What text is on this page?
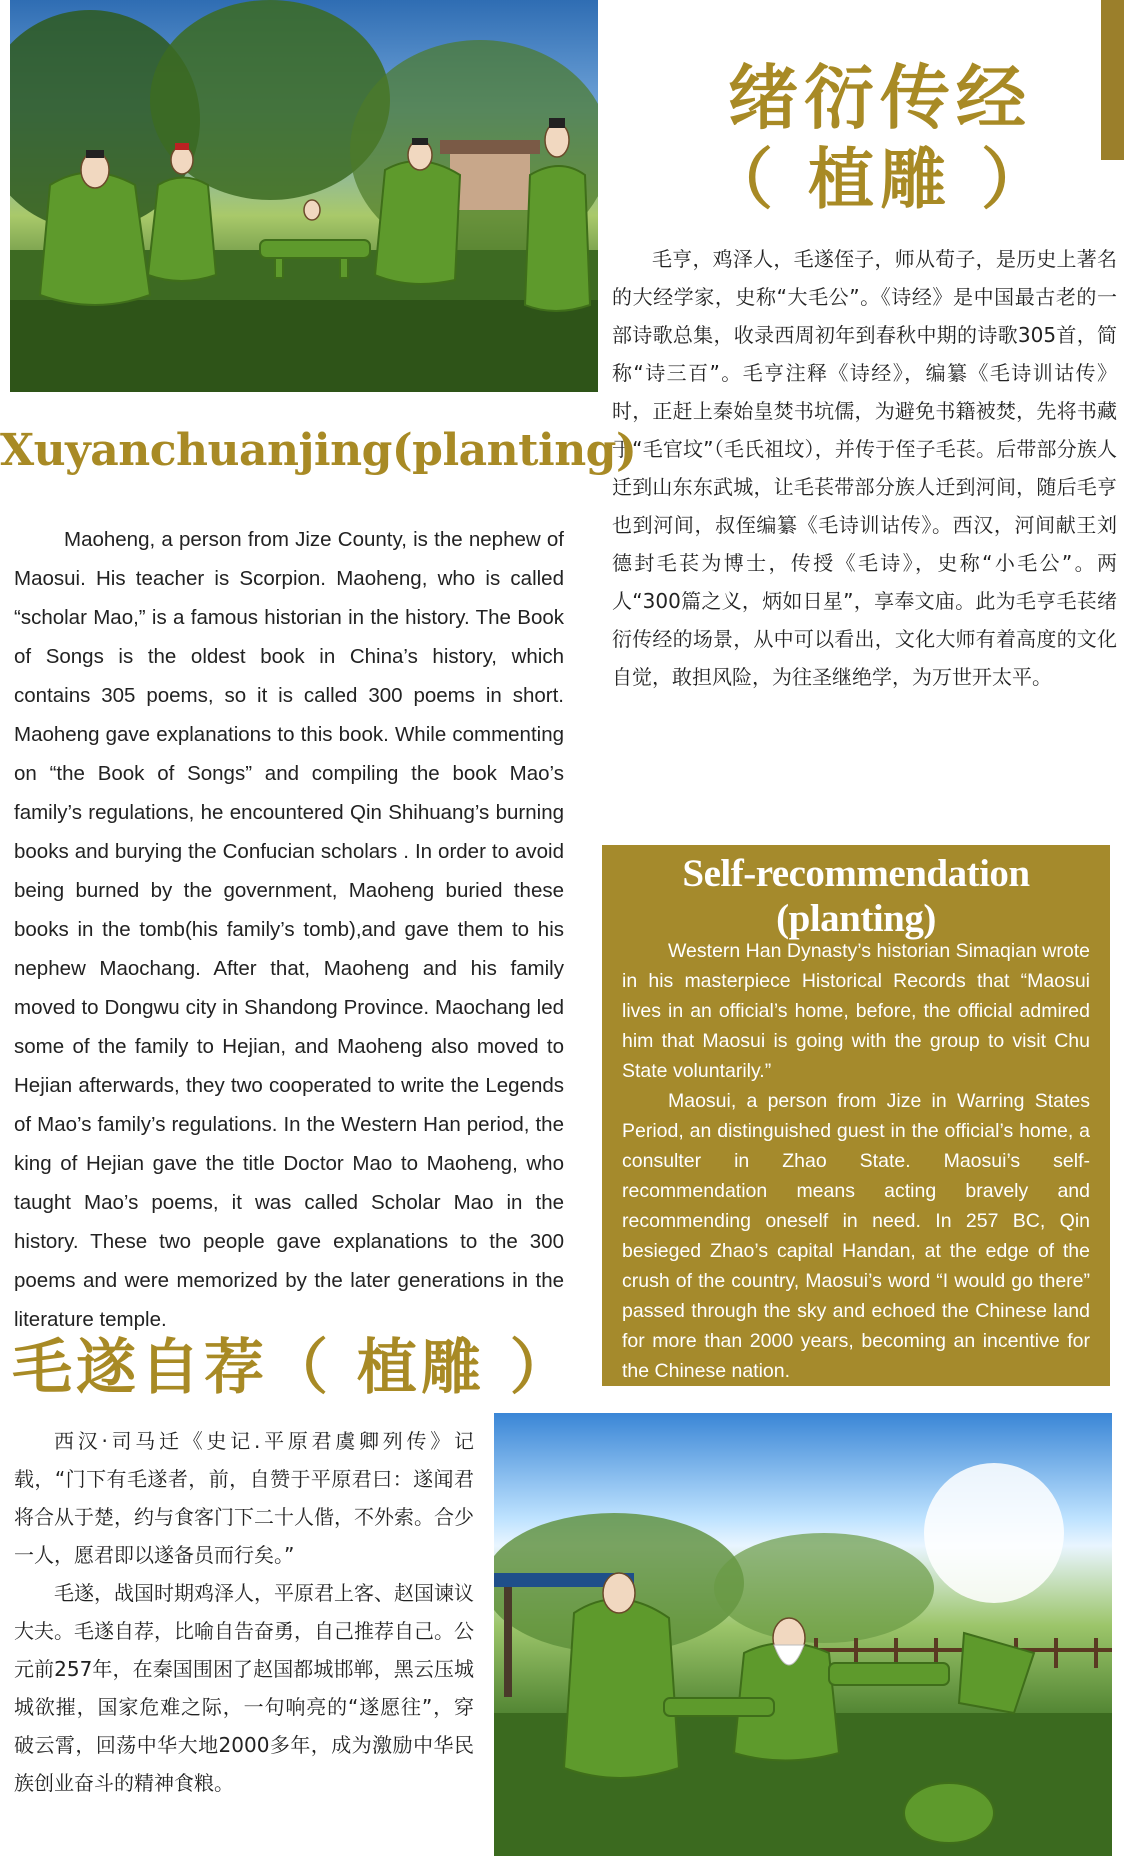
绪衍传经
（ 植雕 ）
毛亨，鸡泽人，毛遂侄子，师从荀子，是历史上著名的大经学家，史称“大毛公”。《诗经》是中国最古老的一部诗歌总集，收录西周初年到春秋中期的诗歌305首，简称“诗三百”。毛亨注释《诗经》，编纂《毛诗训诂传》时，正赶上秦始皇焚书坑儒，为避免书籍被焚，先将书藏于“毛官坟”（毛氏祖坟），并传于侄子毛苌。后带部分族人迁到山东东武城，让毛苌带部分族人迁到河间，随后毛亨也到河间，叔侄编纂《毛诗训诂传》。西汉，河间献王刘德封毛苌为博士，传授《毛诗》，史称“小毛公”。两人“300篇之义，炳如日星”，享奉文庙。此为毛亨毛苌绪衍传经的场景，从中可以看出，文化大师有着高度的文化自觉，敢担风险，为往圣继绝学，为万世开太平。
Xuyanchuanjing(planting)
Maoheng, a person from Jize County, is the nephew of Maosui. His teacher is Scorpion. Maoheng, who is called “scholar Mao,” is a famous historian in the history. The Book of Songs is the oldest book in China’s history, which contains 305 poems, so it is called 300 poems in short. Maoheng gave explanations to this book. While commenting on “the Book of Songs” and compiling the book Mao’s family’s regulations, he encountered Qin Shihuang’s burning books and burying the Confucian scholars . In order to avoid being burned by the government, Maoheng buried these books in the tomb(his family’s tomb),and gave them to his nephew Maochang. After that, Maoheng and his family moved to Dongwu city in Shandong Province. Maochang led some of the family to Hejian, and Maoheng also moved to Hejian afterwards, they two cooperated to write the Legends of Mao’s family’s regulations. In the Western Han period, the king of Hejian gave the title Doctor Mao to Maoheng, who taught Mao’s poems, it was called Scholar Mao in the history. These two people gave explanations to the 300 poems and were memorized by the later generations in the literature temple.
Self-recommendation (planting)
Western Han Dynasty’s historian Simaqian wrote in his masterpiece Historical Records that “Maosui lives in an official’s home, before, the official admired him that Maosui is going with the group to visit Chu State voluntarily.”
Maosui, a person from Jize in Warring States Period, an distinguished guest in the official’s home, a consulter in Zhao State. Maosui’s self-recommendation means acting bravely and recommending oneself in need. In 257 BC, Qin besieged Zhao’s capital Handan, at the edge of the crush of the country, Maosui’s word “I would go there” passed through the sky and echoed the Chinese land for more than 2000 years, becoming an incentive for the Chinese nation.
毛遂自荐（ 植雕 ）
西汉·司马迁《史记.平原君虞卿列传》记载，“门下有毛遂者，前，自赞于平原君曰：遂闻君将合从于楚，约与食客门下二十人偕，不外索。合少一人，愿君即以遂备员而行矣。”
毛遂，战国时期鸡泽人，平原君上客、赵国谏议大夫。毛遂自荐，比喻自告奋勇，自己推荐自己。公元前257年，在秦国围困了赵国都城邯郸，黑云压城城欲摧，国家危难之际，一句响亮的“遂愿往”，穿破云霄，回荡中华大地2000多年，成为激励中华民族创业奋斗的精神食粮。
